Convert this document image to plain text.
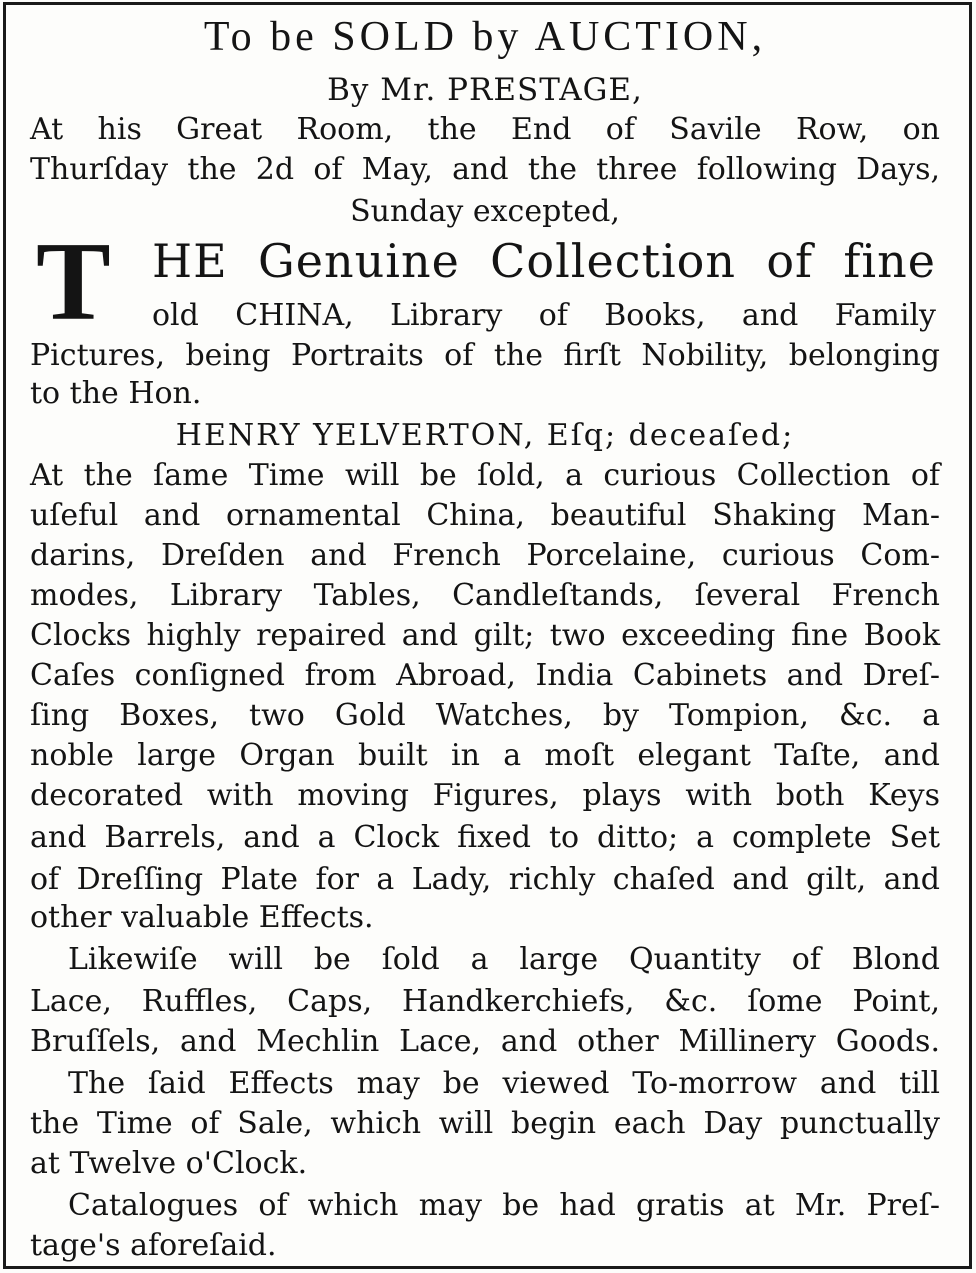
To be SOLD by AUCTION,
By Mr. PRESTAGE,
At his Great Room, the End of Savile Row, on
Thurſday the 2d of May, and the three following Days,
Sunday excepted,
T HE Genuine Collection of fine
old CHINA, Library of Books, and Family
Pictures, being Portraits of the firſt Nobility, belonging
to the Hon.
HENRY YELVERTON, Eſq; deceaſed;
At the ſame Time will be ſold, a curious Collection of
uſeful and ornamental China, beautiful Shaking Man-
darins, Dreſden and French Porcelaine, curious Com-
modes, Library Tables, Candleſtands, ſeveral French
Clocks highly repaired and gilt; two exceeding fine Book
Caſes conſigned from Abroad, India Cabinets and Dreſ-
ſing Boxes, two Gold Watches, by Tompion, &c. a
noble large Organ built in a moſt elegant Taſte, and
decorated with moving Figures, plays with both Keys
and Barrels, and a Clock fixed to ditto; a complete Set
of Dreſſing Plate for a Lady, richly chaſed and gilt, and
other valuable Effects.
Likewiſe will be ſold a large Quantity of Blond
Lace, Ruffles, Caps, Handkerchiefs, &c. ſome Point,
Bruſſels, and Mechlin Lace, and other Millinery Goods.
The ſaid Effects may be viewed To-morrow and till
the Time of Sale, which will begin each Day punctually
at Twelve o'Clock.
Catalogues of which may be had gratis at Mr. Preſ-
tage's aforeſaid.
